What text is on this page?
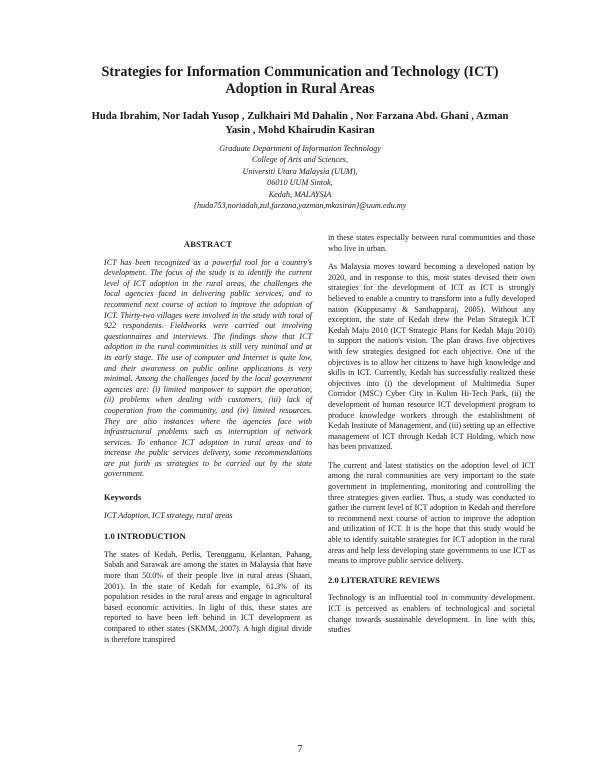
Strategies for Information Communication and Technology (ICT) Adoption in Rural Areas
Huda Ibrahim, Nor Iadah Yusop , Zulkhairi Md Dahalin , Nor Farzana Abd. Ghani , Azman Yasin , Mohd Khairudin Kasiran
Graduate Department of Information Technology
College of Arts and Sciences,
Universiti Utara Malaysia (UUM),
06010 UUM Sintok,
Kedah, MALAYSIA
{huda753,noriadah,zul,farzana,yazman,mkasiran}@uum.edu.my

ABSTRACT

ICT has been recognized as a powerful tool for a country's development. The focus of the study is to identify the current level of ICT adoption in the rural areas, the challenges the local agencies faced in delivering public services, and to recommend next course of action to improve the adoption of ICT. Thirty-two villages were involved in the study with total of 922 respondents. Fieldworks were carried out involving questionnaires and interviews. The findings show that ICT adoption in the rural communities is still very minimal and at its early stage. The use of computer and Internet is quite low, and their awareness on public online applications is very minimal. Among the challenges faced by the local government agencies are: (i) limited manpower to support the operation, (ii) problems when dealing with customers, (iii) lack of cooperation from the community, and (iv) limited resources. They are also instances where the agencies face with infrastructural problems such as interruption of network services. To enhance ICT adoption in rural areas and to increase the public services delivery, some recommendations are put forth as strategies to be carried out by the state government.

Keywords

ICT Adoption, ICT strategy, rural areas

1.0 INTRODUCTION

The states of Kedah, Perlis, Terengganu, Kelantan, Pahang, Sabah and Sarawak are among the states in Malaysia that have more than 50.0% of their people live in rural areas (Shaari, 2001). In the state of Kedah for example, 61.3% of its population resides in the rural areas and engage in agricultural based economic activities. In light of this, these states are reported to have been left behind in ICT development as compared to other states (SKMM, 2007). A high digital divide is therefore transpired

in these states especially between rural communities and those who live in urban.

As Malaysia moves toward becoming a developed nation by 2020, and in response to this, most states devised their own strategies for the development of ICT as ICT is strongly believed to enable a country to transform into a fully developed nation (Kuppusamy & Santhapparaj, 2005). Without any exception, the state of Kedah drew the Pelan Strategik ICT Kedah Maju 2010 (ICT Strategic Plans for Kedah Maju 2010) to support the nation's vision. The plan draws five objectives with few strategies designed for each objective. One of the objectives is to allow her citizens to have high knowledge and skills in ICT. Currently, Kedah has successfully realized these objectives into (i) the development of Multimedia Super Corridor (MSC) Cyber City in Kulim Hi-Tech Park, (ii) the development of human resource ICT development program to produce knowledge workers through the establishment of Kedah Institute of Management, and (iii) setting up an effective management of ICT through Kedah ICT Holding, which now has been privatized.

The current and latest statistics on the adoption level of ICT among the rural communities are very important to the state government in implementing, monitoring and controlling the three strategies given earlier. Thus, a study was conducted to gather the current level of ICT adoption in Kedah and therefore to recommend next course of action to improve the adoption and utilization of ICT. It is the hope that this study would be able to identify suitable strategies for ICT adoption in the rural areas and help less developing state governments to use ICT as means to improve public service delivery.

2.0 LITERATURE REVIEWS

Technology is an influential tool in community development. ICT is perceived as enablers of technological and societal change towards sustainable development. In line with this, studies

7
